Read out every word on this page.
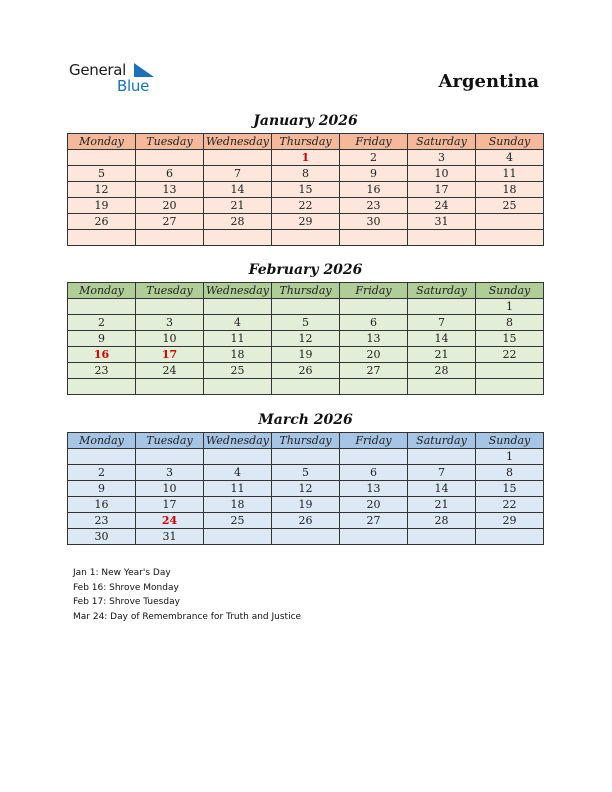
General
Blue	Argentina
January 2026
Monday	Tuesday	Wednesday	Thursday	Friday	Saturday	Sunday
			1	2	3	4
5	6	7	8	9	10	11
12	13	14	15	16	17	18
19	20	21	22	23	24	25
26	27	28	29	30	31	

February 2026
Monday	Tuesday	Wednesday	Thursday	Friday	Saturday	Sunday
						1
2	3	4	5	6	7	8
9	10	11	12	13	14	15
16	17	18	19	20	21	22
23	24	25	26	27	28	

March 2026
Monday	Tuesday	Wednesday	Thursday	Friday	Saturday	Sunday
						1
2	3	4	5	6	7	8
9	10	11	12	13	14	15
16	17	18	19	20	21	22
23	24	25	26	27	28	29
30	31					
Jan 1: New Year's Day
Feb 16: Shrove Monday
Feb 17: Shrove Tuesday
Mar 24: Day of Remembrance for Truth and Justice
